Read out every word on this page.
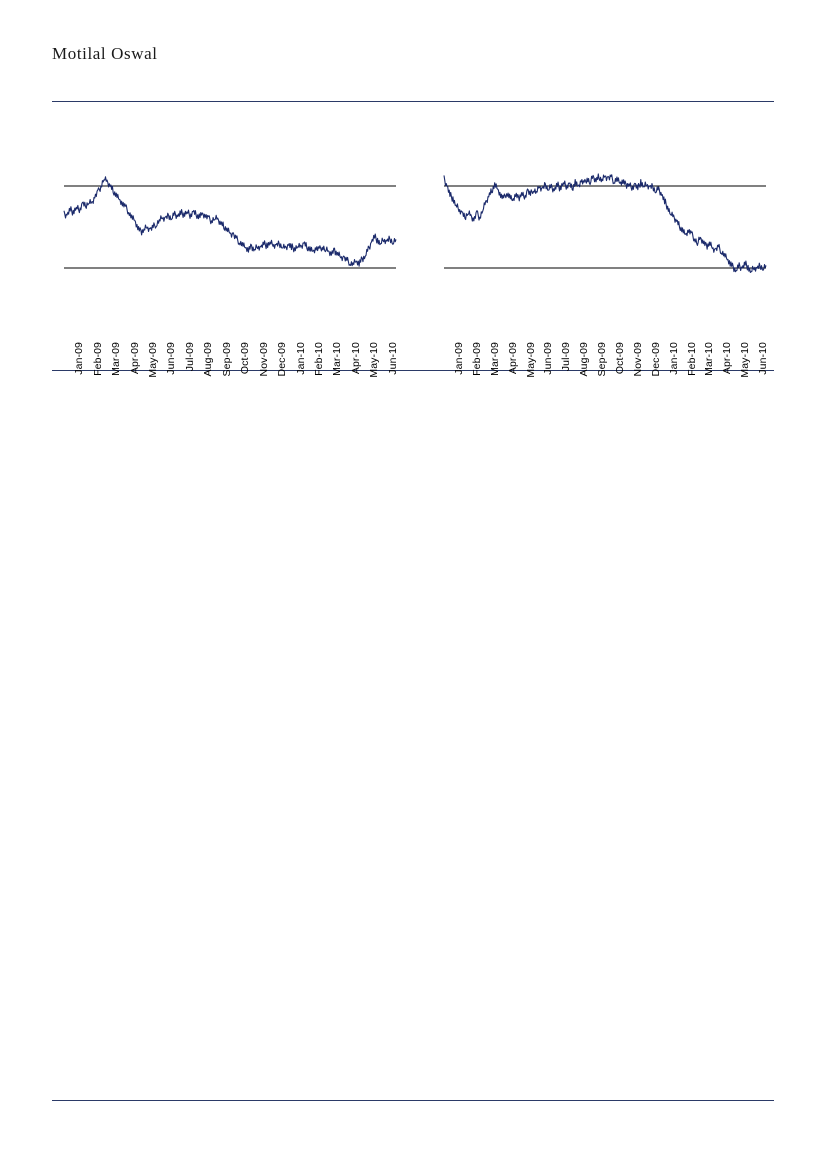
Motilal Oswal
Jan-09 Feb-09 Mar-09 Apr-09 May-09 Jun-09 Jul-09 Aug-09 Sep-09 Oct-09 Nov-09 Dec-09 Jan-10 Feb-10 Mar-10 Apr-10 May-10 Jun-10	Jan-09 Feb-09 Mar-09 Apr-09 May-09 Jun-09 Jul-09 Aug-09 Sep-09 Oct-09 Nov-09 Dec-09 Jan-10 Feb-10 Mar-10 Apr-10 May-10 Jun-10
